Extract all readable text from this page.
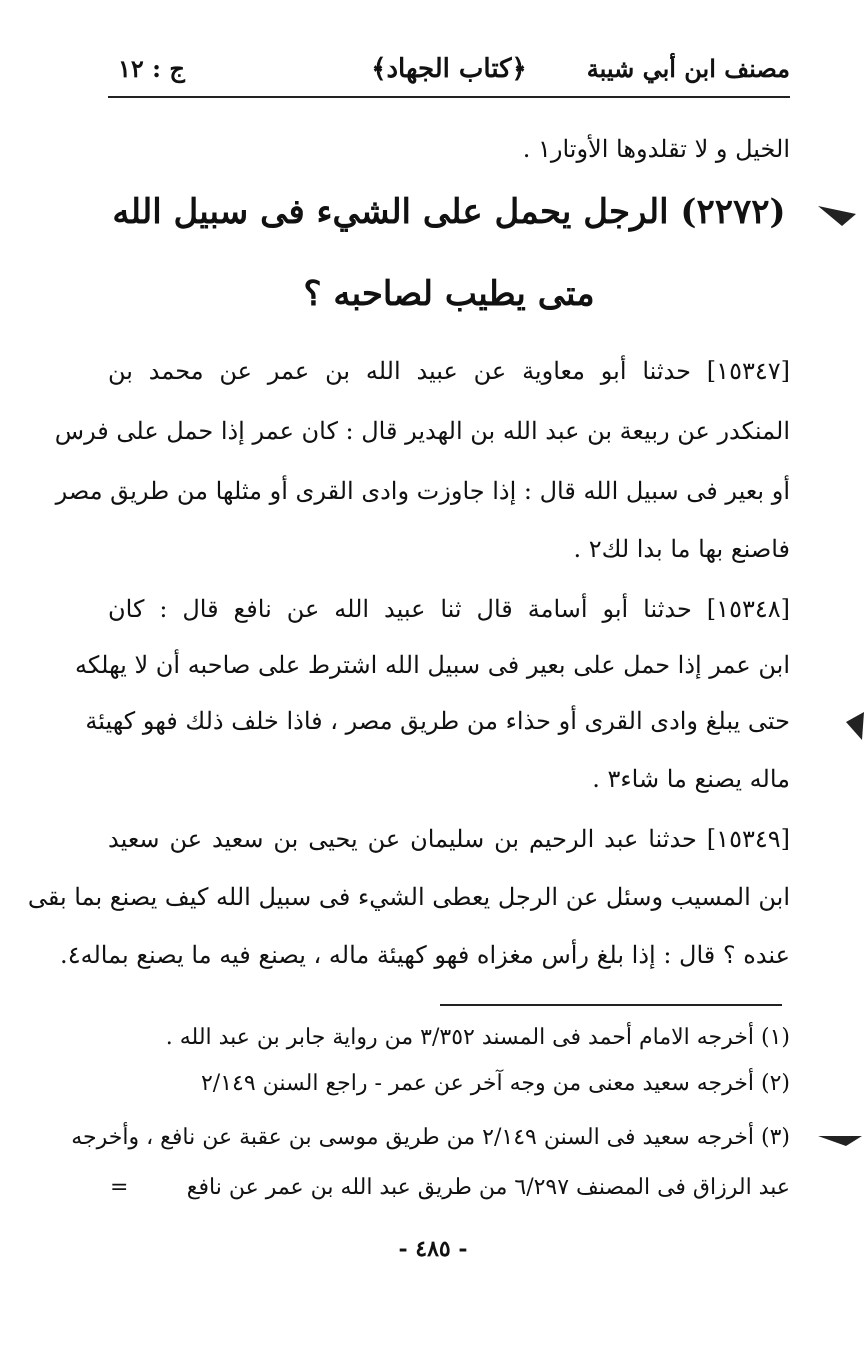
مصنف ابن أبي شيبة
﴿كتاب الجهاد﴾
ج : ١٢
الخيل و لا تقلدوها الأوتار١ .
(٢٢٧٢) الرجل يحمل على الشيء فى سبيل الله
متى يطيب لصاحبه ؟
[١٥٣٤٧] حدثنا أبو معاوية عن عبيد الله بن عمر عن محمد بن
المنكدر عن ربيعة بن عبد الله بن الهدير قال : كان عمر إذا حمل على فرس
أو بعير فى سبيل الله قال : إذا جاوزت وادى القرى أو مثلها من طريق مصر
فاصنع بها ما بدا لك٢ .
[١٥٣٤٨] حدثنا أبو أسامة قال ثنا عبيد الله عن نافع قال : كان
ابن عمر إذا حمل على بعير فى سبيل الله اشترط على صاحبه أن لا يهلكه
حتى يبلغ وادى القرى أو حذاء من طريق مصر ، فاذا خلف ذلك فهو كهيئة
ماله يصنع ما شاء٣ .
[١٥٣٤٩] حدثنا عبد الرحيم بن سليمان عن يحيى بن سعيد عن سعيد
ابن المسيب وسئل عن الرجل يعطى الشيء فى سبيل الله كيف يصنع بما بقى
عنده ؟ قال : إذا بلغ رأس مغزاه فهو كهيئة ماله ، يصنع فيه ما يصنع بماله٤.
(١) أخرجه الامام أحمد فى المسند ٣/٣٥٢ من رواية جابر بن عبد الله .
(٢) أخرجه سعيد معنى من وجه آخر عن عمر - راجع السنن ٢/١٤٩
(٣) أخرجه سعيد فى السنن ٢/١٤٩ من طريق موسى بن عقبة عن نافع ، وأخرجه
عبد الرزاق فى المصنف ٦/٢٩٧ من طريق عبد الله بن عمر عن نافع
=
- ٤٨٥ -
